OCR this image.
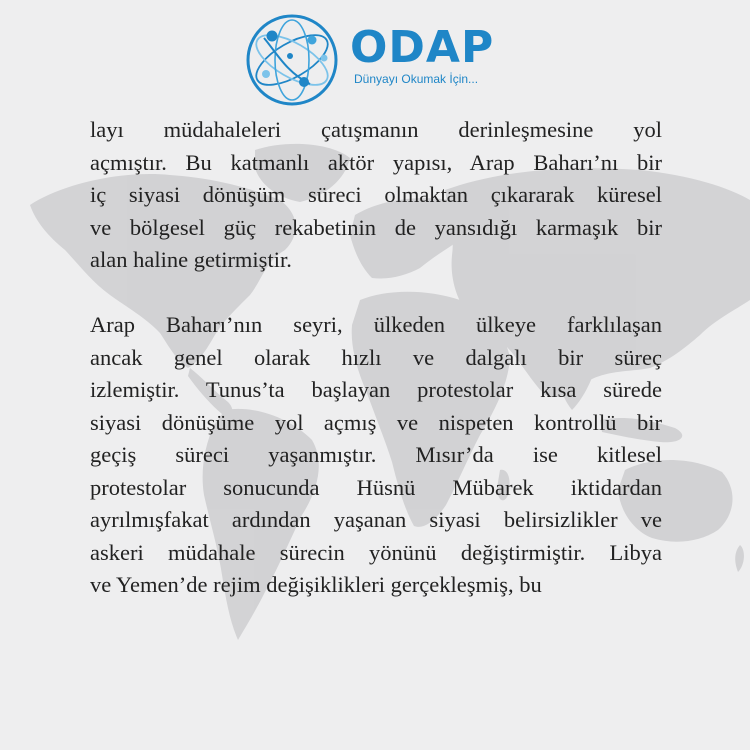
ODAP
Dünyayı Okumak İçin...

layı müdahaleleri çatışmanın derinleşmesine yol
açmıştır. Bu katmanlı aktör yapısı, Arap Baharı’nı bir
iç siyasi dönüşüm süreci olmaktan çıkararak küresel
ve bölgesel güç rekabetinin de yansıdığı karmaşık bir
alan haline getirmiştir.

Arap Baharı’nın seyri, ülkeden ülkeye farklılaşan
ancak genel olarak hızlı ve dalgalı bir süreç
izlemiştir. Tunus’ta başlayan protestolar kısa sürede
siyasi dönüşüme yol açmış ve nispeten kontrollü bir
geçiş süreci yaşanmıştır. Mısır’da ise kitlesel
protestolar sonucunda Hüsnü Mübarek iktidardan
ayrılmışfakat ardından yaşanan siyasi belirsizlikler ve
askeri müdahale sürecin yönünü değiştirmiştir. Libya
ve Yemen’de rejim değişiklikleri gerçekleşmiş, bu
